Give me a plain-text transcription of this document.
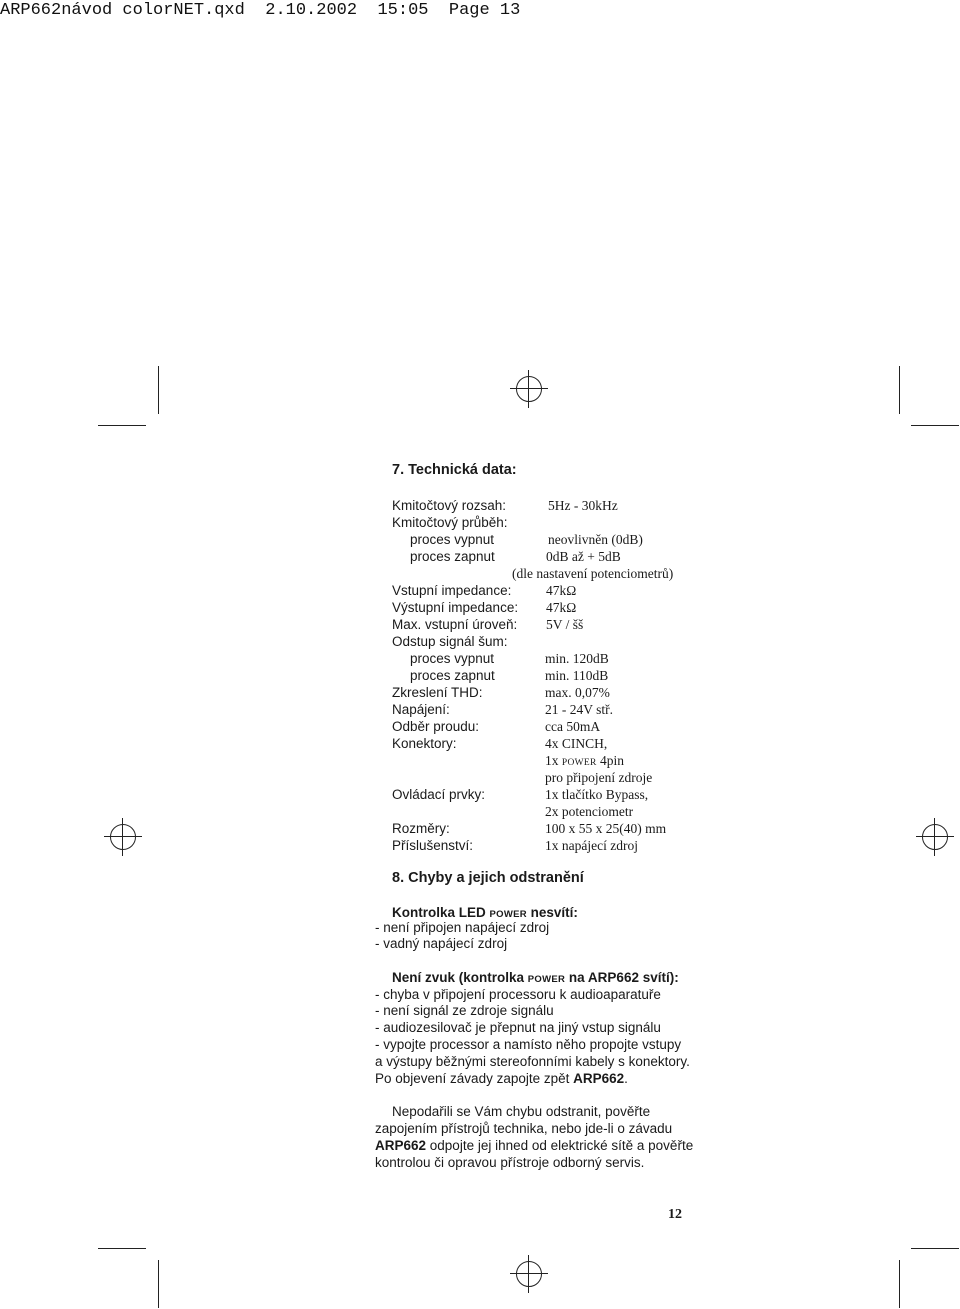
ARP662návod colorNET.qxd 2.10.2002 15:05 Page 13
7. Technická data:
Kmitočtový rozsah:	5Hz - 30kHz
Kmitočtový průběh:
proces vypnut	neovlivněn (0dB)
proces zapnut	0dB až + 5dB
(dle nastavení potenciometrů)
Vstupní impedance:	47kΩ
Výstupní impedance: 47kΩ
Max. vstupní úroveň: 5V / šš
Odstup signál šum:
proces vypnut	min. 120dB
proces zapnut	min. 110dB
Zkreslení THD:	max. 0,07%
Napájení:	21 - 24V stř.
Odběr proudu:	cca 50mA
Konektory:	4x CINCH,
1x POWER 4pin
pro připojení zdroje
Ovládací prvky:	1x tlačítko Bypass,
2x potenciometr
Rozměry:	100 x 55 x 25(40) mm
Příslušenství:	1x napájecí zdroj
8. Chyby a jejich odstranění
Kontrolka LED POWER nesvítí:
- není připojen napájecí zdroj
- vadný napájecí zdroj
Není zvuk (kontrolka POWER na ARP662 svítí):
- chyba v připojení processoru k audioaparatuře
- není signál ze zdroje signálu
- audiozesilovač je přepnut na jiný vstup signálu
- vypojte processor a namísto něho propojte vstupy
a výstupy běžnými stereofonními kabely s konektory.
Po objevení závady zapojte zpět ARP662.
Nepodařili se Vám chybu odstranit, pověřte
zapojením přístrojů technika, nebo jde-li o závadu
ARP662 odpojte jej ihned od elektrické sítě a pověřte
kontrolou či opravou přístroje odborný servis.
12
